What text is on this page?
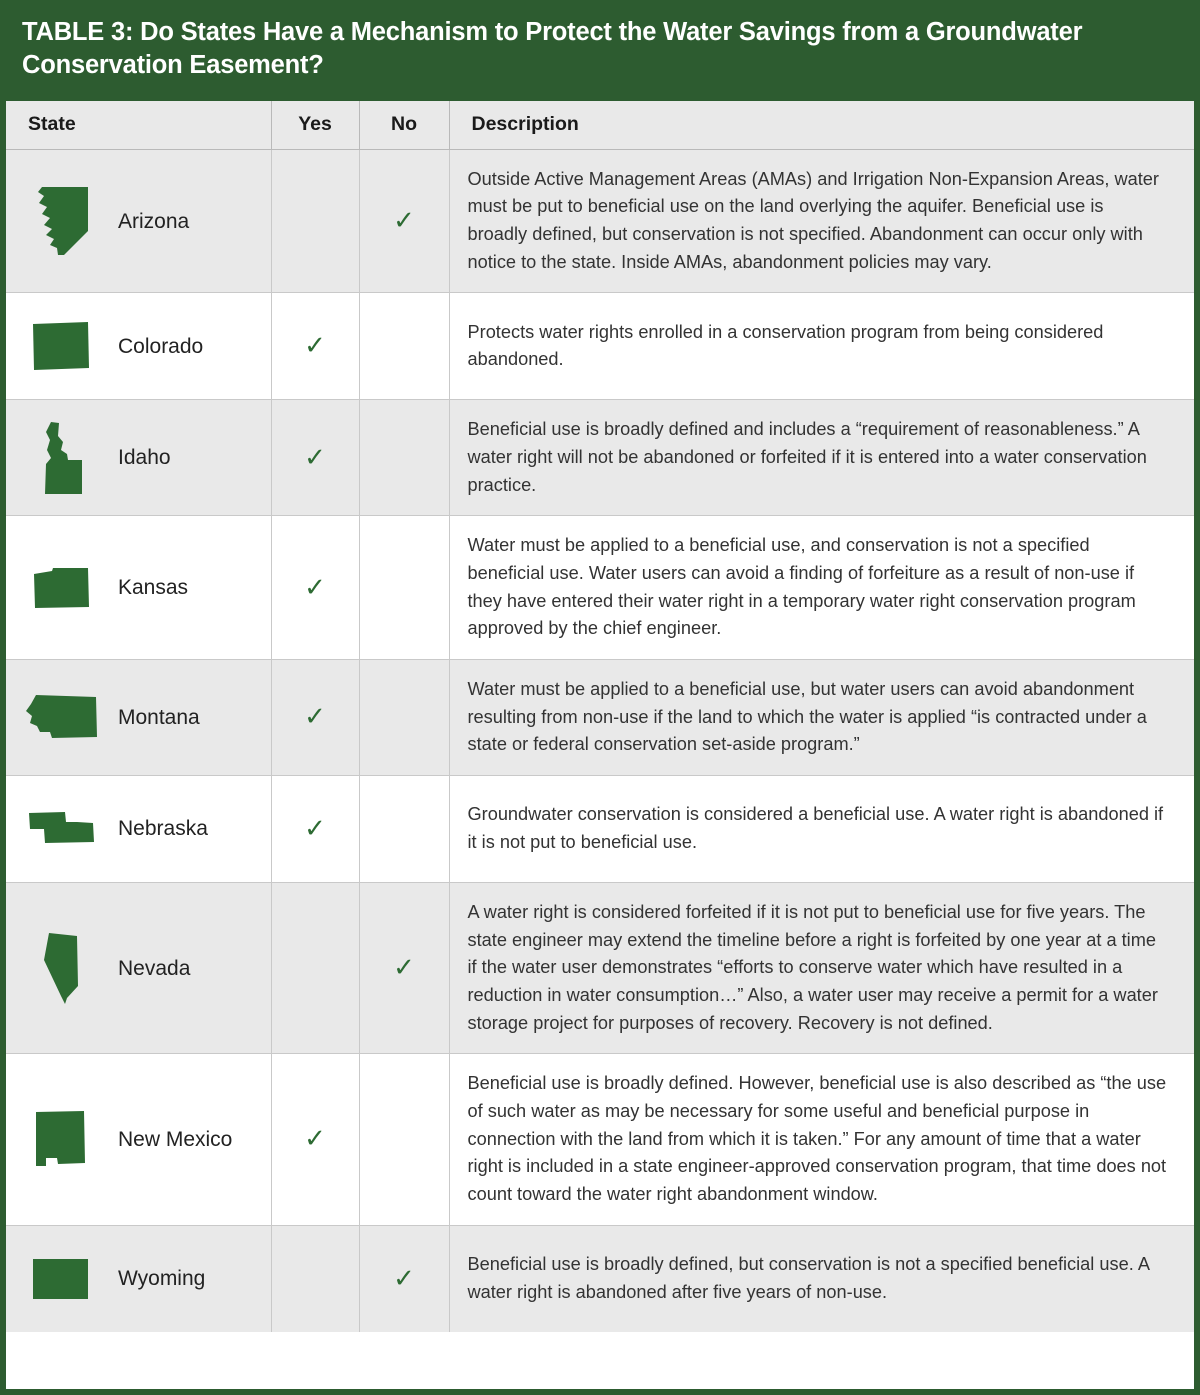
TABLE 3: Do States Have a Mechanism to Protect the Water Savings from a Groundwater Conservation Easement?
State	Yes	No	Description

Arizona		✓	Outside Active Management Areas (AMAs) and Irrigation Non-Expansion Areas, water must be put to beneficial use on the land overlying the aquifer. Beneficial use is broadly defined, but conservation is not specified. Abandonment can occur only with notice to the state. Inside AMAs, abandonment policies may vary.

Colorado	✓		Protects water rights enrolled in a conservation program from being considered abandoned.

Idaho	✓		Beneficial use is broadly defined and includes a “requirement of reasonableness.” A water right will not be abandoned or forfeited if it is entered into a water conservation practice.

Kansas	✓		Water must be applied to a beneficial use, and conservation is not a specified beneficial use. Water users can avoid a finding of forfeiture as a result of non-use if they have entered their water right in a temporary water right conservation program approved by the chief engineer.

Montana	✓		Water must be applied to a beneficial use, but water users can avoid abandonment resulting from non-use if the land to which the water is applied “is contracted under a state or federal conservation set-aside program.”

Nebraska	✓		Groundwater conservation is considered a beneficial use. A water right is abandoned if it is not put to beneficial use.

Nevada		✓	A water right is considered forfeited if it is not put to beneficial use for five years. The state engineer may extend the timeline before a right is forfeited by one year at a time if the water user demonstrates “efforts to conserve water which have resulted in a reduction in water consumption…” Also, a water user may receive a permit for a water storage project for purposes of recovery. Recovery is not defined.

New Mexico	✓		Beneficial use is broadly defined. However, beneficial use is also described as “the use of such water as may be necessary for some useful and beneficial purpose in connection with the land from which it is taken.” For any amount of time that a water right is included in a state engineer-approved conservation program, that time does not count toward the water right abandonment window.

Wyoming		✓	Beneficial use is broadly defined, but conservation is not a specified beneficial use. A water right is abandoned after five years of non-use.
